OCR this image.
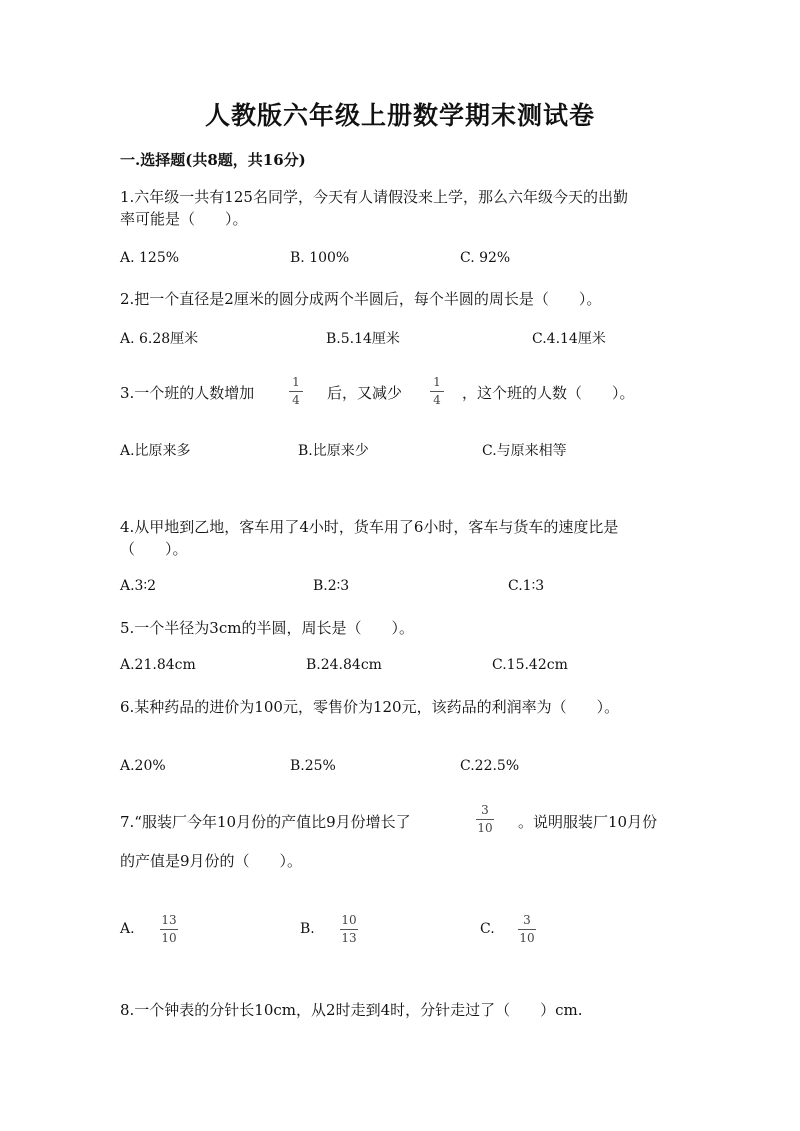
人教版六年级上册数学期末测试卷
一.选择题(共8题，共16分)
1.六年级一共有125名同学，今天有人请假没来上学，那么六年级今天的出勤
率可能是（　　）。
A. 125%	B. 100%	C. 92%
2.把一个直径是2厘米的圆分成两个半圆后，每个半圆的周长是（　　）。
A. 6.28厘米	B.5.14厘米	C.4.14厘米
3.一个班的人数增加
1
4 后，又减少
1
4 ，这个班的人数（　　）。
A.比原来多	B.比原来少	C.与原来相等
4.从甲地到乙地，客车用了4小时，货车用了6小时，客车与货车的速度比是
（　　）。
A.3∶2	B.2∶3	C.1∶3
5.一个半径为3cm的半圆，周长是（　　）。
A.21.84cm	B.24.84cm	C.15.42cm
6.某种药品的进价为100元，零售价为120元，该药品的利润率为（　　）。
A.20%	B.25%	C.22.5%
7.“服装厂今年10月份的产值比9月份增长了
3
10 。说明服装厂10月份
的产值是9月份的（　　）。
A.
13
10
B.
10
13
C.
3
10
8.一个钟表的分针长10cm，从2时走到4时，分针走过了（　　）cm.
